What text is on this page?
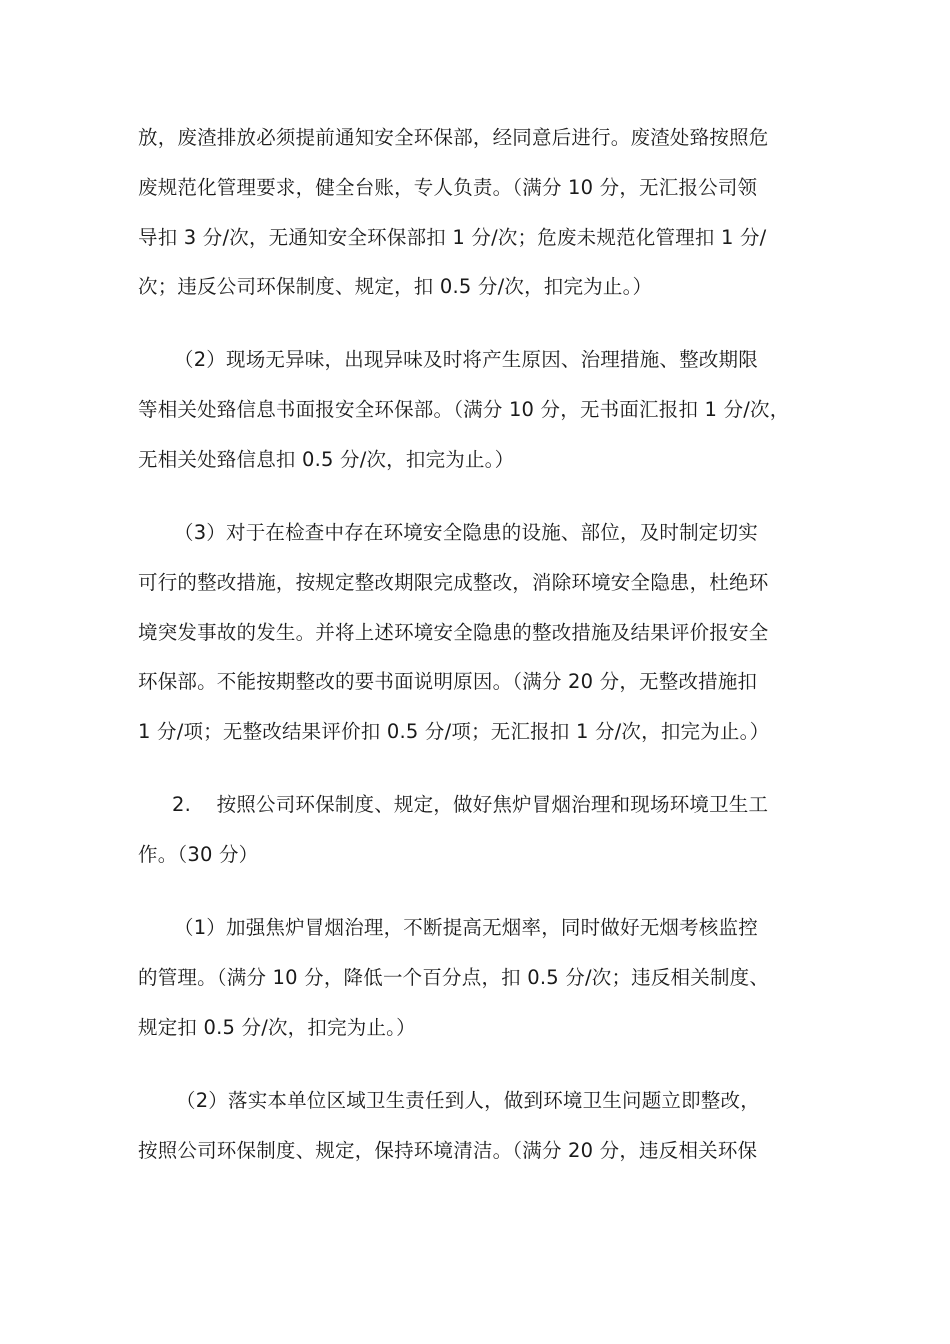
放，废渣排放必须提前通知安全环保部，经同意后进行。废渣处臵按照危
废规范化管理要求，健全台账，专人负责。（满分 10 分，无汇报公司领
导扣 3 分/次，无通知安全环保部扣 1 分/次；危废未规范化管理扣 1 分/
次；违反公司环保制度、规定，扣 0.5 分/次，扣完为止。）
（2）现场无异味，出现异味及时将产生原因、治理措施、整改期限
等相关处臵信息书面报安全环保部。（满分 10 分，无书面汇报扣 1 分/次，
无相关处臵信息扣 0.5 分/次，扣完为止。）
（3）对于在检查中存在环境安全隐患的设施、部位，及时制定切实
可行的整改措施，按规定整改期限完成整改，消除环境安全隐患，杜绝环
境突发事故的发生。并将上述环境安全隐患的整改措施及结果评价报安全
环保部。不能按期整改的要书面说明原因。（满分 20 分，无整改措施扣
1 分/项；无整改结果评价扣 0.5 分/项；无汇报扣 1 分/次，扣完为止。）
2.    按照公司环保制度、规定，做好焦炉冒烟治理和现场环境卫生工
作。（30 分）
（1）加强焦炉冒烟治理，不断提高无烟率，同时做好无烟考核监控
的管理。（满分 10 分，降低一个百分点，扣 0.5 分/次；违反相关制度、
规定扣 0.5 分/次，扣完为止。）
（2）落实本单位区域卫生责任到人，做到环境卫生问题立即整改，
按照公司环保制度、规定，保持环境清洁。（满分 20 分，违反相关环保
